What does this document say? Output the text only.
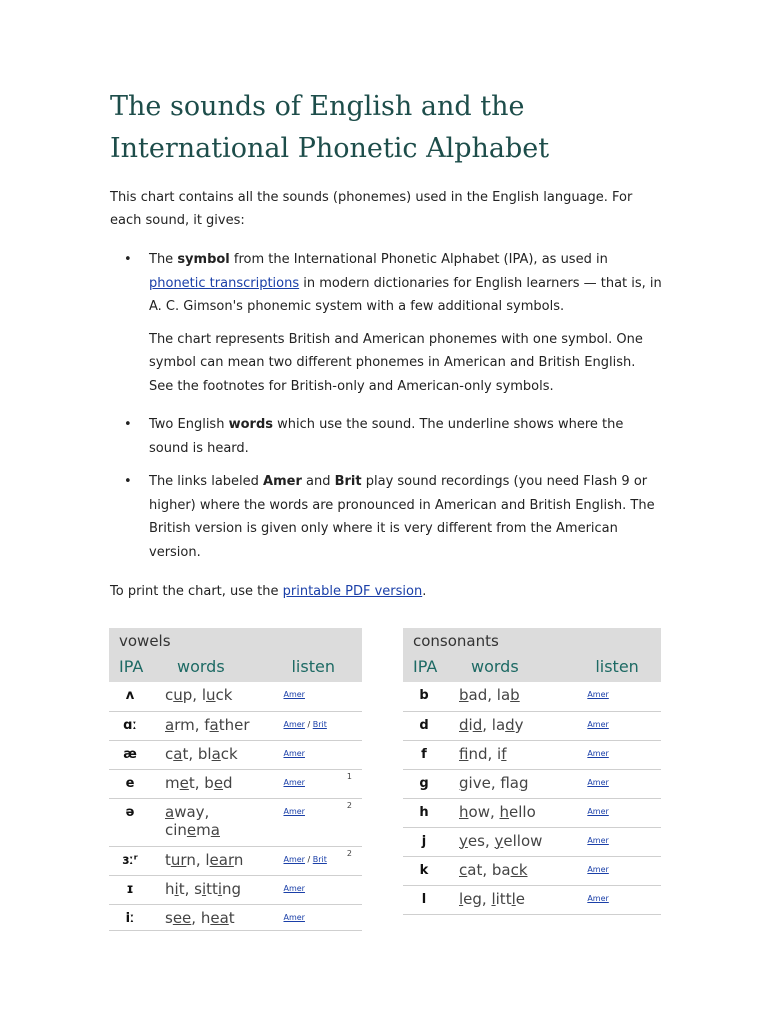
The sounds of English and the
International Phonetic Alphabet

This chart contains all the sounds (phonemes) used in the English language. For each sound, it gives:

• The symbol from the International Phonetic Alphabet (IPA), as used in phonetic transcriptions in modern dictionaries for English learners — that is, in A. C. Gimson's phonemic system with a few additional symbols.

The chart represents British and American phonemes with one symbol. One symbol can mean two different phonemes in American and British English. See the footnotes for British-only and American-only symbols.

• Two English words which use the sound. The underline shows where the sound is heard.

• The links labeled Amer and Brit play sound recordings (you need Flash 9 or higher) where the words are pronounced in American and British English. The British version is given only where it is very different from the American version.

To print the chart, use the printable PDF version.

vowels			
IPA	words	listen	
ʌ	cup, luck	Amer	
ɑː	arm, father	Amer / Brit	
æ	cat, black	Amer	
e	met, bed	Amer	1
ə	away,
cinema	Amer	2
ɜːʳ	turn, learn	Amer / Brit	2
ɪ	hit, sitting	Amer	
iː	see, heat	Amer	
consonants			
IPA	words	listen	
b	bad, lab	Amer	
d	did, lady	Amer	
f	find, if	Amer	
g	give, flag	Amer	
h	how, hello	Amer	
j	yes, yellow	Amer	
k	cat, back	Amer	
l	leg, little	Amer	
